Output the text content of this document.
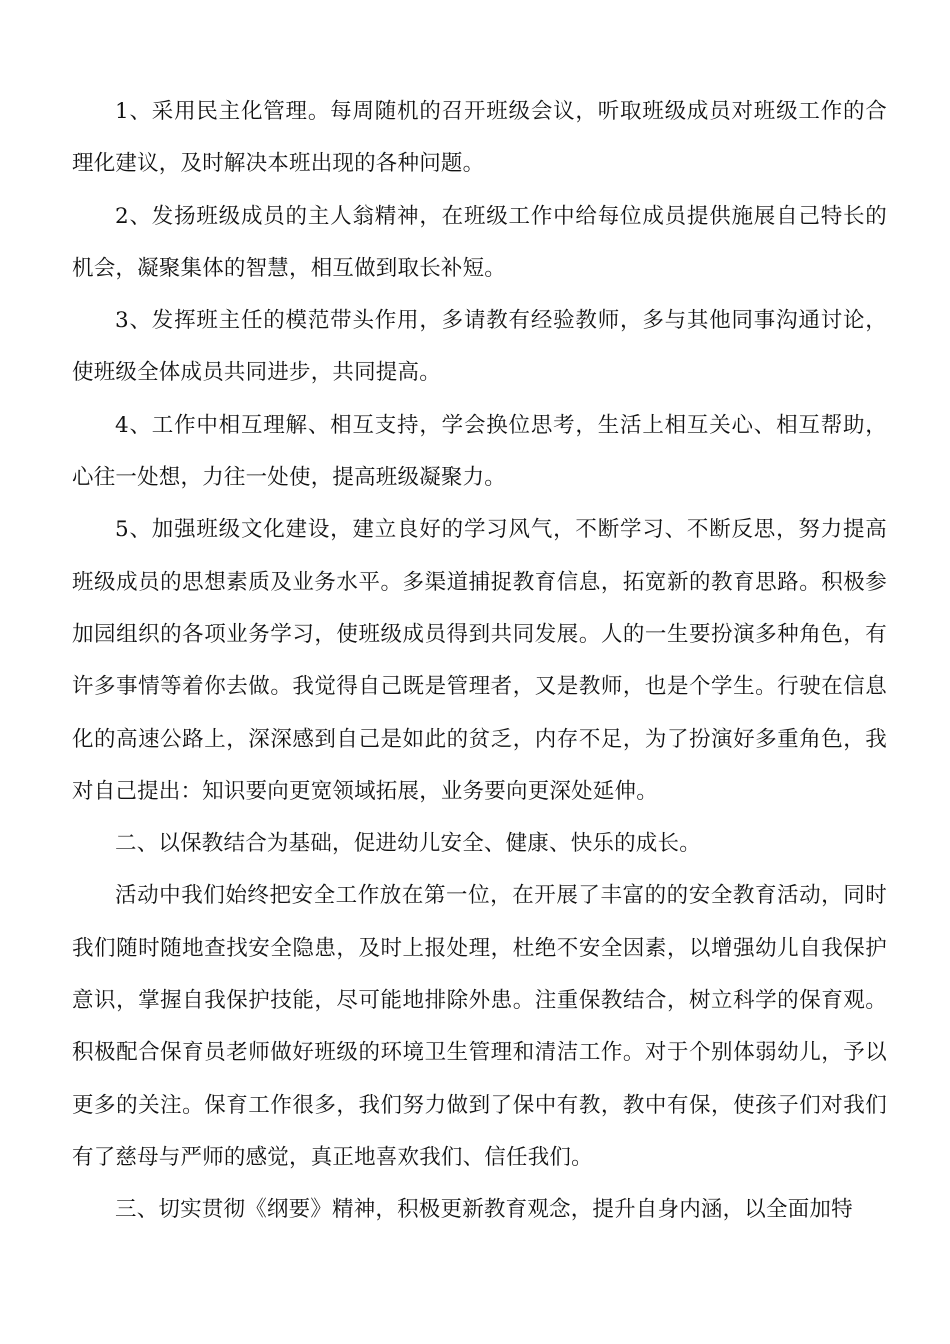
1、采用民主化管理。每周随机的召开班级会议，听取班级成员对班级工作的合理化建议，及时解决本班出现的各种问题。

2、发扬班级成员的主人翁精神，在班级工作中给每位成员提供施展自己特长的机会，凝聚集体的智慧，相互做到取长补短。

3、发挥班主任的模范带头作用，多请教有经验教师，多与其他同事沟通讨论，使班级全体成员共同进步，共同提高。

4、工作中相互理解、相互支持，学会换位思考，生活上相互关心、相互帮助，心往一处想，力往一处使，提高班级凝聚力。

5、加强班级文化建设，建立良好的学习风气，不断学习、不断反思，努力提高班级成员的思想素质及业务水平。多渠道捕捉教育信息，拓宽新的教育思路。积极参加园组织的各项业务学习，使班级成员得到共同发展。人的一生要扮演多种角色，有许多事情等着你去做。我觉得自己既是管理者，又是教师，也是个学生。行驶在信息化的高速公路上，深深感到自己是如此的贫乏，内存不足，为了扮演好多重角色，我对自己提出：知识要向更宽领域拓展，业务要向更深处延伸。

二、以保教结合为基础，促进幼儿安全、健康、快乐的成长。

活动中我们始终把安全工作放在第一位，在开展了丰富的的安全教育活动，同时我们随时随地查找安全隐患，及时上报处理，杜绝不安全因素，以增强幼儿自我保护意识，掌握自我保护技能，尽可能地排除外患。注重保教结合，树立科学的保育观。积极配合保育员老师做好班级的环境卫生管理和清洁工作。对于个别体弱幼儿，予以更多的关注。保育工作很多，我们努力做到了保中有教，教中有保，使孩子们对我们有了慈母与严师的感觉，真正地喜欢我们、信任我们。

三、切实贯彻《纲要》精神，积极更新教育观念，提升自身内涵，以全面加特
